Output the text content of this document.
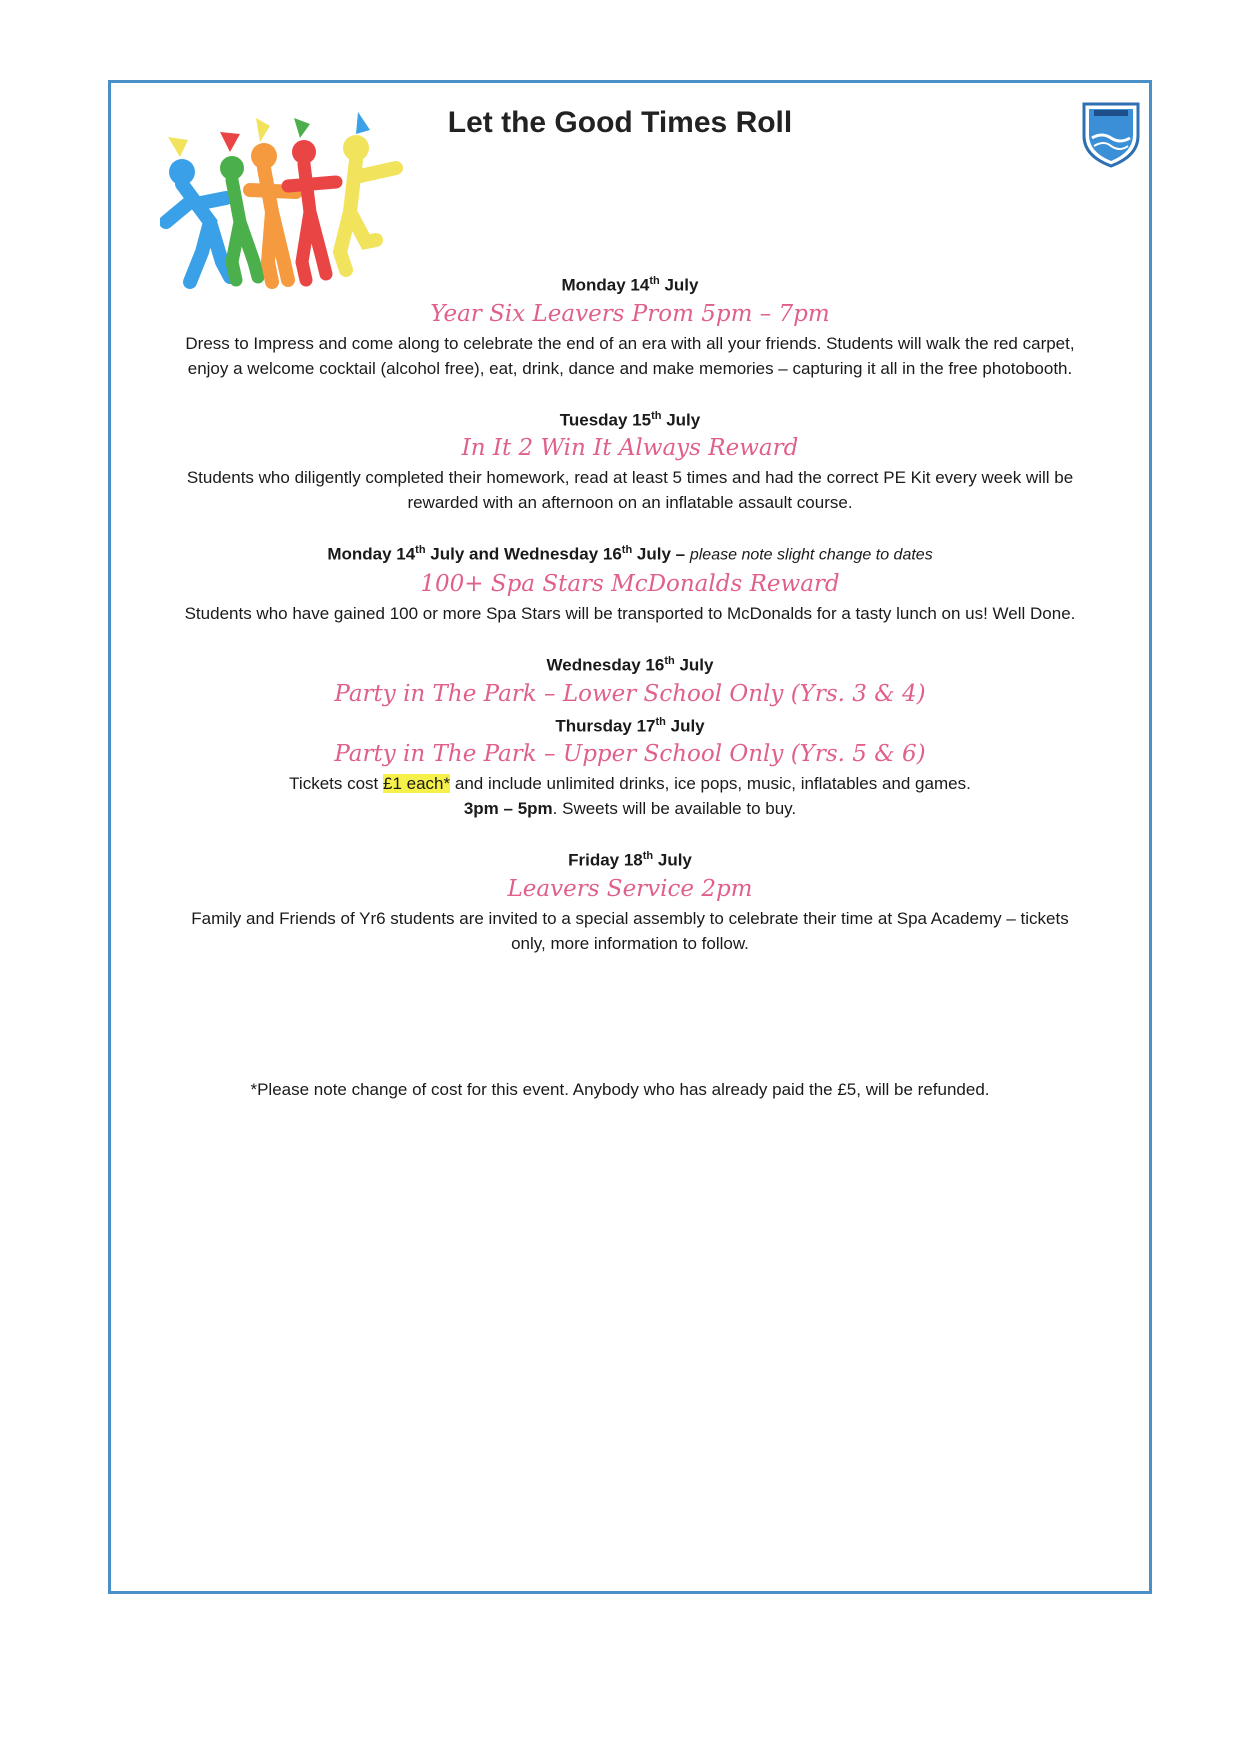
Let the Good Times Roll

Monday 14th July

Year Six Leavers Prom 5pm – 7pm

Dress to Impress and come along to celebrate the end of an era with all your friends. Students will walk the red carpet, enjoy a welcome cocktail (alcohol free), eat, drink, dance and make memories – capturing it all in the free photobooth.

Tuesday 15th July

In It 2 Win It Always Reward

Students who diligently completed their homework, read at least 5 times and had the correct PE Kit every week will be rewarded with an afternoon on an inflatable assault course.

Monday 14th July and Wednesday 16th July – please note slight change to dates

100+ Spa Stars McDonalds Reward

Students who have gained 100 or more Spa Stars will be transported to McDonalds for a tasty lunch on us! Well Done.

Wednesday 16th July

Party in The Park – Lower School Only (Yrs. 3 & 4)

Thursday 17th July

Party in The Park – Upper School Only (Yrs. 5 & 6)

Tickets cost £1 each* and include unlimited drinks, ice pops, music, inflatables and games.
3pm – 5pm. Sweets will be available to buy.

Friday 18th July

Leavers Service 2pm

Family and Friends of Yr6 students are invited to a special assembly to celebrate their time at Spa Academy – tickets only, more information to follow.

*Please note change of cost for this event. Anybody who has already paid the £5, will be refunded.
